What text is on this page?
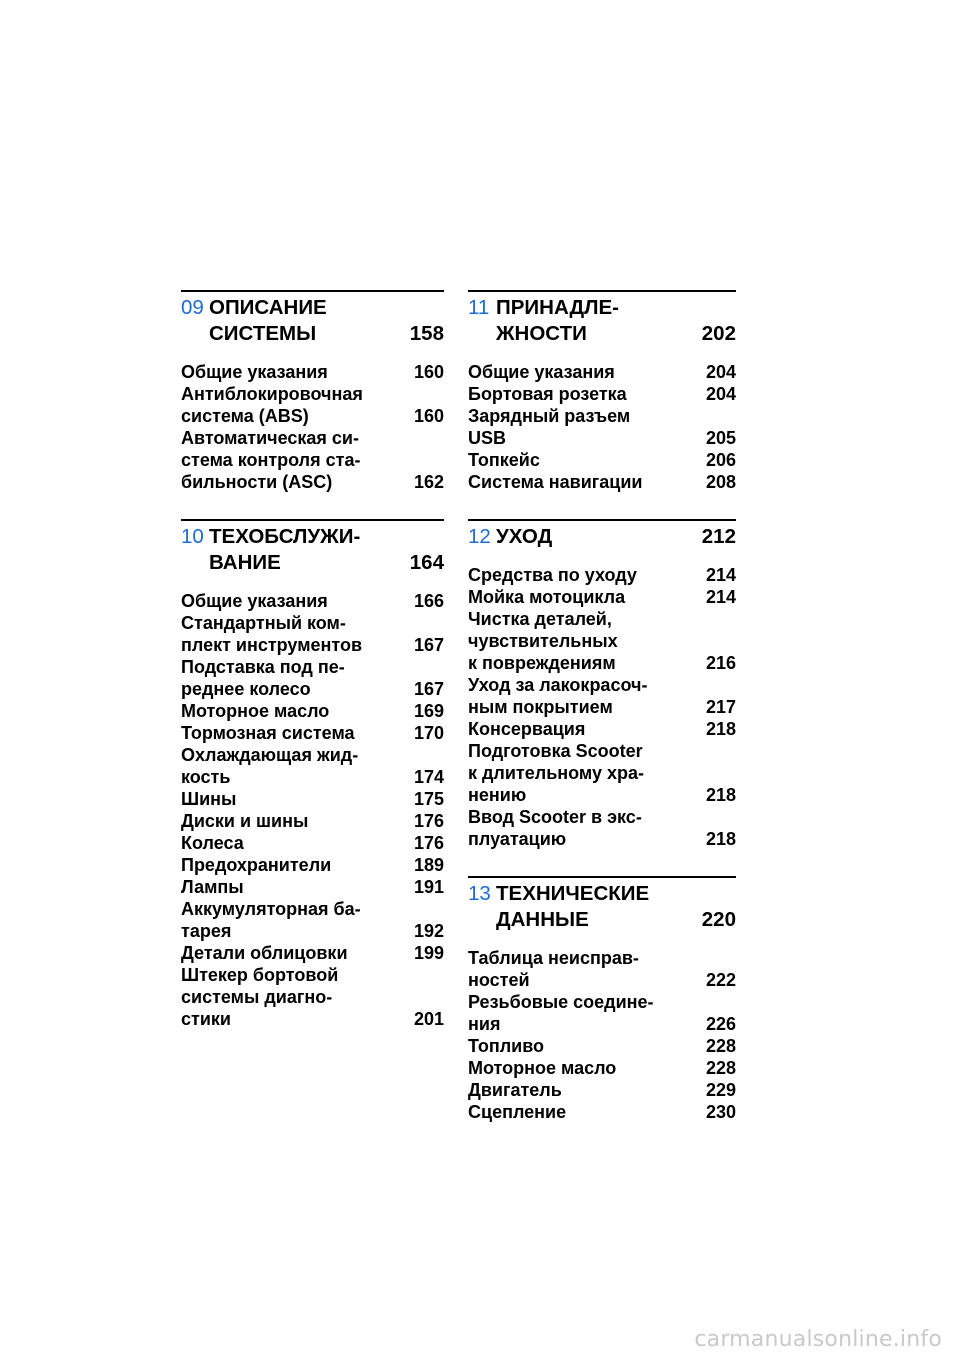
09 ОПИСАНИЕ
СИСТЕМЫ	158
Общие указания	160
Антиблокировочная
система (ABS)	160
Автоматическая си-
стема контроля ста-
бильности (ASC)	162
10 ТЕХОБСЛУЖИ-
ВАНИЕ	164
Общие указания	166
Стандартный ком-
плект инструментов	167
Подставка под пе-
реднее колесо	167
Моторное масло	169
Тормозная система	170
Охлаждающая жид-
кость	174
Шины	175
Диски и шины	176
Колеса	176
Предохранители	189
Лампы	191
Аккумуляторная ба-
тарея	192
Детали облицовки	199
Штекер бортовой
системы диагно-
стики	201
11 ПРИНАДЛЕ-
ЖНОСТИ	202
Общие указания	204
Бортовая розетка	204
Зарядный разъем
USB	205
Топкейс	206
Система навигации	208
12 УХОД	212
Средства по уходу	214
Мойка мотоцикла	214
Чистка деталей,
чувствительных
к повреждениям	216
Уход за лакокрасоч-
ным покрытием	217
Консервация	218
Подготовка Scooter
к длительному хра-
нению	218
Ввод Scooter в экс-
плуатацию	218
13 ТЕХНИЧЕСКИЕ
ДАННЫЕ	220
Таблица неисправ-
ностей	222
Резьбовые соедине-
ния	226
Топливо	228
Моторное масло	228
Двигатель	229
Сцепление	230
carmanualsonline.info
